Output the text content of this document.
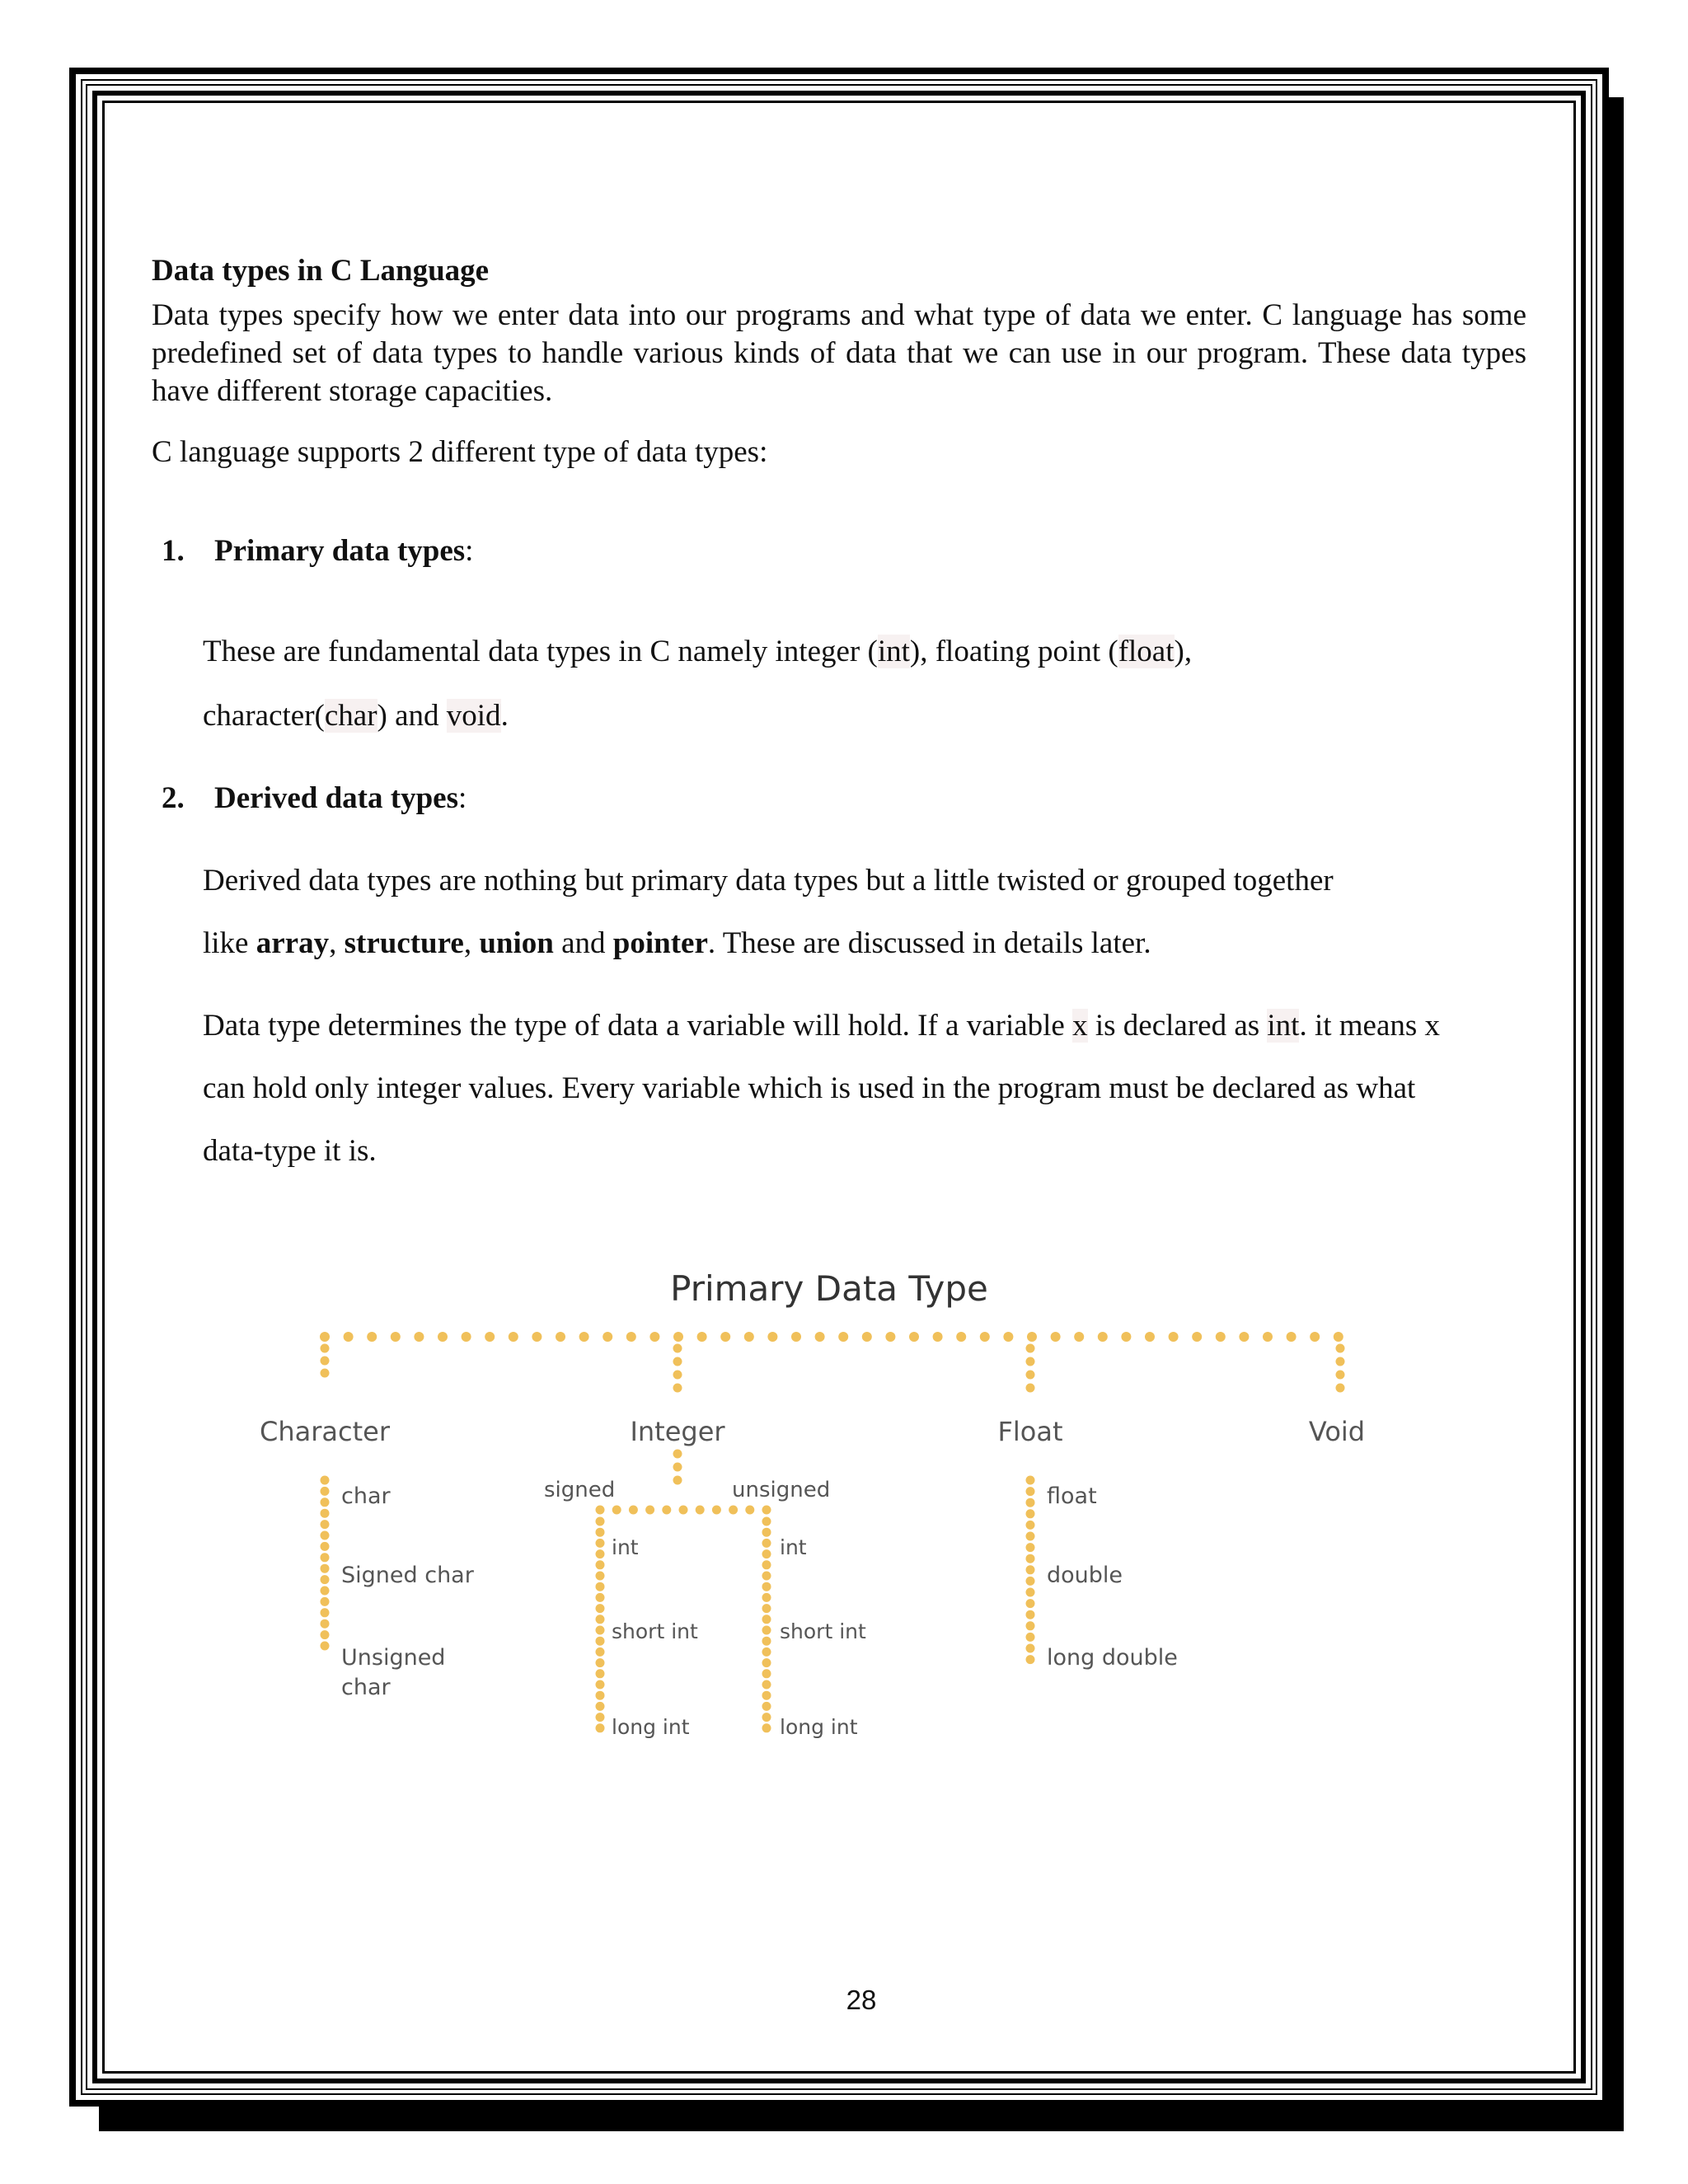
Data types in C Language
Data types specify how we enter data into our programs and what type of data we enter. C language has some predefined set of data types to handle various kinds of data that we can use in our program. These data types have different storage capacities.
C language supports 2 different type of data types:
1. Primary data types:
These are fundamental data types in C namely integer (int), floating point (float),
character(char) and void.
2. Derived data types:
Derived data types are nothing but primary data types but a little twisted or grouped together
like array, structure, union and pointer. These are discussed in details later.
Data type determines the type of data a variable will hold. If a variable x is declared as int. it means x
can hold only integer values. Every variable which is used in the program must be declared as what
data-type it is.
Primary Data Type
Character	Integer	Float	Void
char
Signed char
Unsigned
char
signed	unsigned
int
short int
long int
int
short int
long int
float
double
long double
28
